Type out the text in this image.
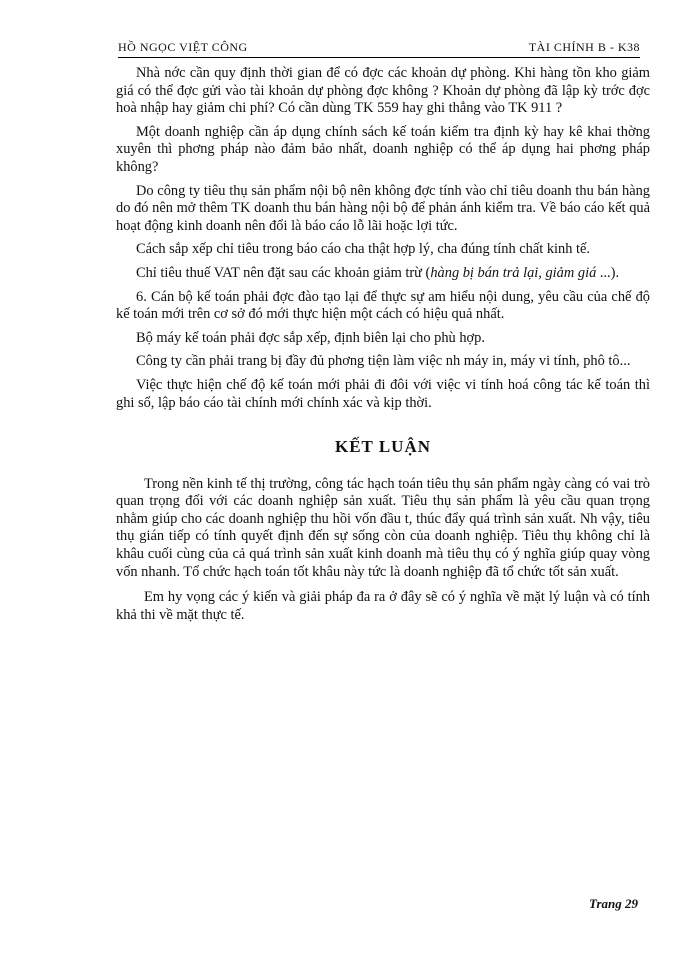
HỒ NGỌC VIỆT CÔNG	TÀI CHÍNH B - K38

Nhà nớc cần quy định thời gian để có đợc các khoản dự phòng. Khi hàng tồn kho giảm giá có thể đợc gửi vào tài khoản dự phòng đợc không ? Khoản dự phòng đã lập kỳ trớc đợc hoà nhập hay giảm chi phí? Có cần dùng TK 559 hay ghi thẳng vào TK 911 ?

Một doanh nghiệp cần áp dụng chính sách kế toán kiểm tra định kỳ hay kê khai thờng xuyên thì phơng pháp nào đảm bảo nhất, doanh nghiệp có thể áp dụng hai phơng pháp không?

Do công ty tiêu thụ sản phẩm nội bộ nên không đợc tính vào chỉ tiêu doanh thu bán hàng do đó nên mở thêm TK doanh thu bán hàng nội bộ để phản ánh kiểm tra. Về báo cáo kết quả hoạt động kinh doanh nên đổi là báo cáo lỗ lãi hoặc lợi tức.

Cách sắp xếp chỉ tiêu trong báo cáo cha thật hợp lý, cha đúng tính chất kinh tế.

Chỉ tiêu thuế VAT nên đặt sau các khoản giảm trừ (hàng bị bán trả lại, giảm giá ...).

6. Cán bộ kế toán phải đợc đào tạo lại để thực sự am hiểu nội dung, yêu cầu của chế độ kế toán mới trên cơ sở đó mới thực hiện một cách có hiệu quả nhất.

Bộ máy kế toán phải đợc sắp xếp, định biên lại cho phù hợp.

Công ty cần phải trang bị đầy đủ phơng tiện làm việc nh máy in, máy vi tính, phô tô...

Việc thực hiện chế độ kế toán mới phải đi đôi với việc vi tính hoá công tác kế toán thì ghi sổ, lập báo cáo tài chính mới chính xác và kịp thời.

KẾT LUẬN

Trong nền kinh tế thị trường, công tác hạch toán tiêu thụ sản phẩm ngày càng có vai trò quan trọng đối với các doanh nghiệp sản xuất. Tiêu thụ sản phẩm là yêu cầu quan trọng nhằm giúp cho các doanh nghiệp thu hồi vốn đầu t, thúc đẩy quá trình sản xuất. Nh vậy, tiêu thụ gián tiếp có tính quyết định đến sự sống còn của doanh nghiệp. Tiêu thụ không chỉ là khâu cuối cùng của cả quá trình sản xuất kinh doanh mà tiêu thụ có ý nghĩa giúp quay vòng vốn nhanh. Tổ chức hạch toán tốt khâu này tức là doanh nghiệp đã tổ chức tốt sản xuất.

Em hy vọng các ý kiến và giải pháp đa ra ở đây sẽ có ý nghĩa về mặt lý luận và có tính khả thi về mặt thực tế.

Trang 29
